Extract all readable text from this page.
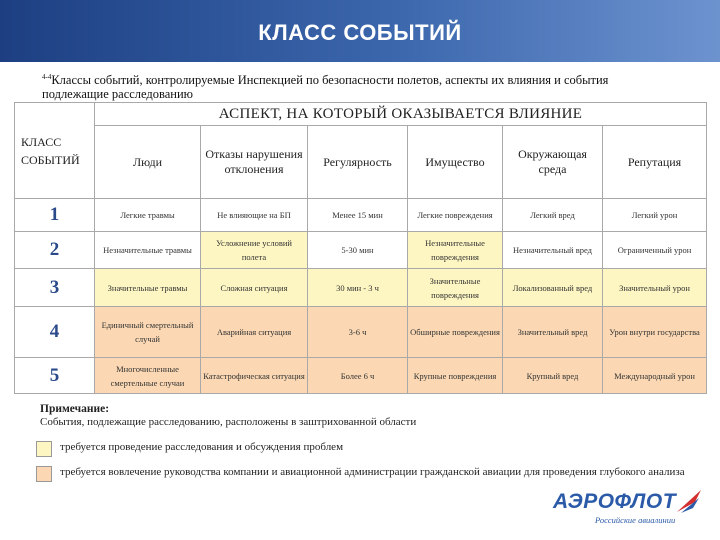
КЛАСС СОБЫТИЙ
$^{4-4}$Классы событий, контролируемые Инспекцией по безопасности полетов, аспекты их влияния и события подлежащие расследованию
КЛАСС СОБЫТИЙ	АСПЕКТ, НА КОТОРЫЙ ОКАЗЫВАЕТСЯ ВЛИЯНИЕ					
	Люди	Отказы нарушения отклонения	Регулярность	Имущество	Окружающая среда	Репутация
1	Легкие травмы	Не влияющие на БП	Менее 15 мин	Легкие повреждения	Легкий вред	Легкий урон
2	Незначительные травмы	Усложнение условий полета	5-30 мин	Незначительные повреждения	Незначительный вред	Ограниченный урон
3	Значительные травмы	Сложная ситуация	30 мин - 3 ч	Значительные повреждения	Локализованный вред	Значительный урон
4	Единичный смертельный случай	Аварийная ситуация	3-6 ч	Обширные повреждения	Значительный вред	Урон внутри государства
5	Многочисленные смертельные случаи	Катастрофическая ситуация	Более 6 ч	Крупные повреждения	Крупный вред	Международный урон
Примечание:
События, подлежащие расследованию, расположены в заштрихованной области
требуется проведение расследования и обсуждения проблем
требуется вовлечение руководства компании и авиационной администрации гражданской авиации для проведения глубокого анализа
АЭРОФЛОТ
Российские авиалинии
